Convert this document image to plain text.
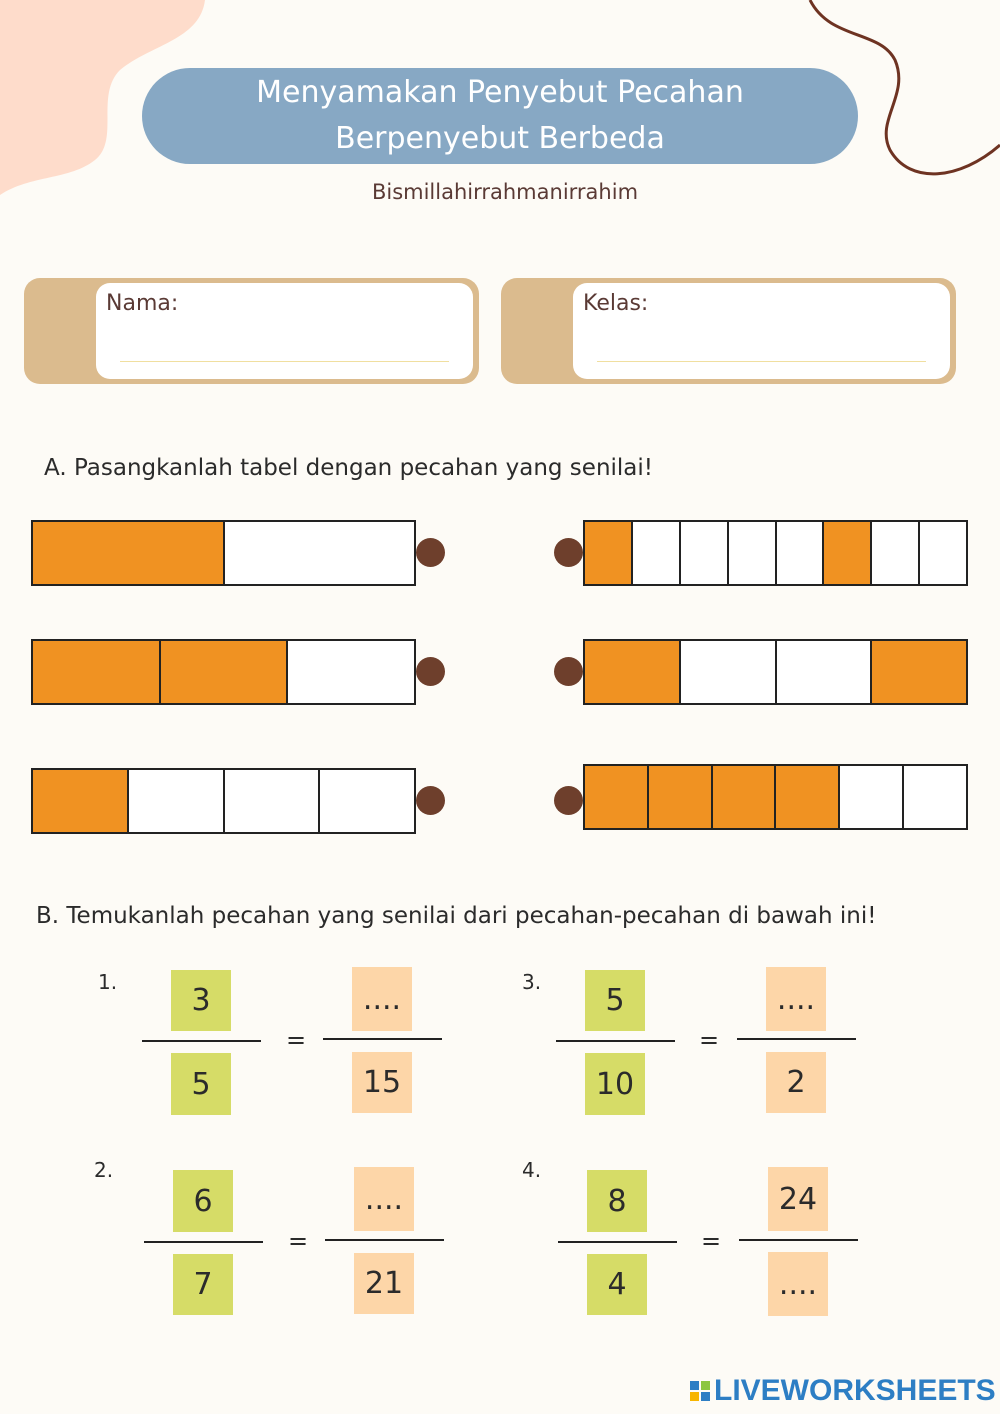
Menyamakan Penyebut Pecahan
Berpenyebut Berbeda
Bismillahirrahmanirrahim
Nama:	Kelas:
A. Pasangkanlah tabel dengan pecahan yang senilai!
B. Temukanlah pecahan yang senilai dari pecahan-pecahan di bawah ini!
1.
3
5
=
....
15
2.
6
7
=
....
21
3.
5
10
=
....
2
4.
8
4
=
24
....
LIVEWORKSHEETS
